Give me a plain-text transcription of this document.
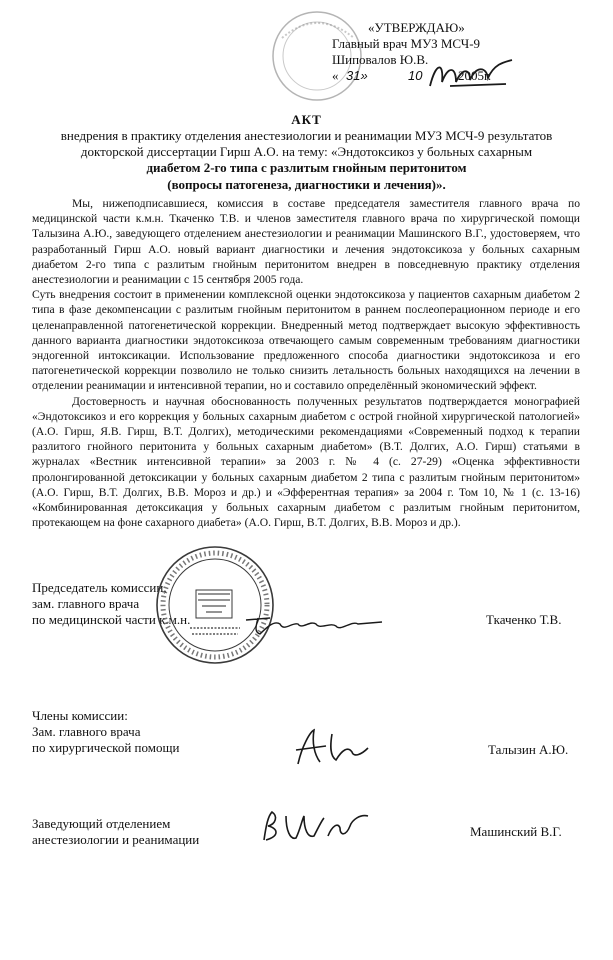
«УТВЕРЖДАЮ»
Главный врач МУЗ МСЧ-9
Шиповалов Ю.В.
« 31»	10	2005г.
АКТ
внедрения в практику отделения анестезиологии и реанимации МУЗ МСЧ-9 результатов
докторской диссертации Гирш А.О. на тему: «Эндотоксикоз у больных сахарным
диабетом 2-го типа с разлитым гнойным перитонитом
(вопросы патогенеза, диагностики и лечения)».

Мы, нижеподписавшиеся, комиссия в составе председателя заместителя главного врача по медицинской части к.м.н. Ткаченко Т.В. и членов заместителя главного врача по хирургической помощи Талызина А.Ю., заведующего отделением анестезиологии и реанимации Машинского В.Г., удостоверяем, что разработанный Гирш А.О. новый вариант диагностики и лечения эндотоксикоза у больных сахарным диабетом 2-го типа с разлитым гнойным перитонитом внедрен в повседневную практику отделения анестезиологии и реанимации с 15 сентября 2005 года.

Суть внедрения состоит в применении комплексной оценки эндотоксикоза у пациентов сахарным диабетом 2 типа в фазе декомпенсации с разлитым гнойным перитонитом в раннем послеоперационном периоде и его целенаправленной патогенетической коррекции. Внедренный метод подтверждает высокую эффективность данного варианта диагностики эндотоксикоза отвечающего самым современным требованиям диагностики эндогенной интоксикации. Использование предложенного способа диагностики эндотоксикоза и его патогенетической коррекции позволило не только снизить летальность больных находящихся на лечении в отделении реанимации и интенсивной терапии, но и составило определённый экономический эффект.

Достоверность и научная обоснованность полученных результатов подтверждается монографией «Эндотоксикоз и его коррекция у больных сахарным диабетом с острой гнойной хирургической патологией» (А.О. Гирш, Я.В. Гирш, В.Т. Долгих), методическими рекомендациями «Современный подход к терапии разлитого гнойного перитонита у больных сахарным диабетом» (В.Т. Долгих, А.О. Гирш) статьями в журналах «Вестник интенсивной терапии» за 2003 г. № 4 (с. 27-29) «Оценка эффективности пролонгированной детоксикации у больных сахарным диабетом 2 типа с разлитым гнойным перитонитом» (А.О. Гирш, В.Т. Долгих, В.В. Мороз и др.) и «Эфферентная терапия» за 2004 г. Том 10, № 1 (с. 13-16) «Комбинированная детоксикация у больных сахарным диабетом с разлитым гнойным перитонитом, протекающем на фоне сахарного диабета» (А.О. Гирш, В.Т. Долгих, В.В. Мороз и др.).

Председатель комиссии,
зам. главного врача
по медицинской части к.м.н.	Ткаченко Т.В.
Члены комиссии:
Зам. главного врача
по хирургической помощи	Талызин А.Ю.
Заведующий отделением
анестезиологии и реанимации
Машинский В.Г.
